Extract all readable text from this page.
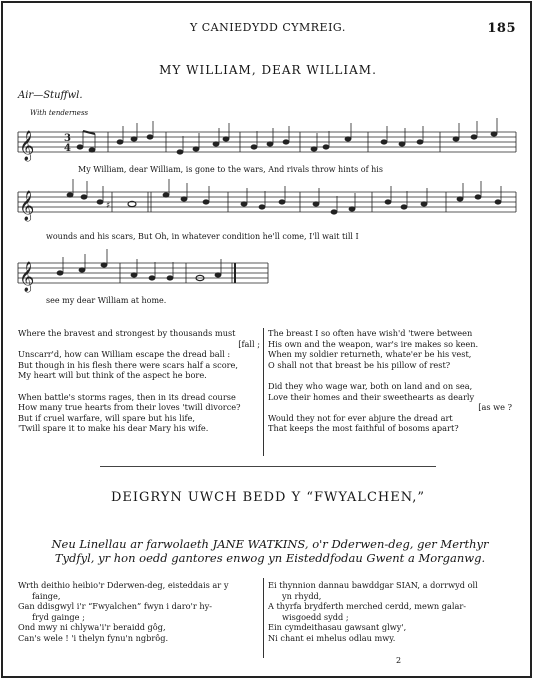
Y CANIEDYDD CYMREIG.	185
MY WILLIAM, DEAR WILLIAM.
Air—Stuffwl.
With tenderness
𝄞
𝄞
𝄞
3
4
♯
My William, dear William, is gone to the wars, And rivals throw hints of his
wounds and his scars, But Oh, in whatever condition he'll come, I'll wait till I
see my dear William at home.
Where the bravest and strongest by thousands must
[fall ;
Unscarr'd, how can William escape the dread ball :
But though in his flesh there were scars half a score,
My heart will but think of the aspect he bore.

When battle's storms rages, then in its dread course
How many true hearts from their loves 'twill divorce?
But if cruel warfare, will spare but his life,
'Twill spare it to make his dear Mary his wife.
The breast I so often have wish'd 'twere between
His own and the weapon, war's ire makes so keen.
When my soldier returneth, whate'er be his vest,
O shall not that breast be his pillow of rest?

Did they who wage war, both on land and on sea,
Love their homes and their sweethearts as dearly
[as we ?
Would they not for ever abjure the dread art
That keeps the most faithful of bosoms apart?
DEIGRYN UWCH BEDD Y “FWYALCHEN,”
Neu Linellau ar farwolaeth JANE WATKINS, o'r Dderwen-deg, ger Merthyr Tydfyl, yr hon oedd gantores enwog yn Eisteddfodau Gwent a Morganwg.
Wrth deithio heibio'r Dderwen-deg, eisteddais ar y
fainge,
Gan ddisgwyl i'r “Fwyalchen” fwyn i daro'r hy-
fryd gainge ;
Ond mwy ni chlywa'i'r beraidd gôg,
Can's wele ! 'i thelyn fynu'n ngbrôg.
Ei thynnion dannau bawddgar SIAN, a dorrwyd oll
yn rhydd,
A thyrfa brydferth merched cerdd, mewn galar-
wisgoedd sydd ;
Ein cymdeithasau gawsant glwy',
Ni chant ei mhelus odlau mwy.
2
